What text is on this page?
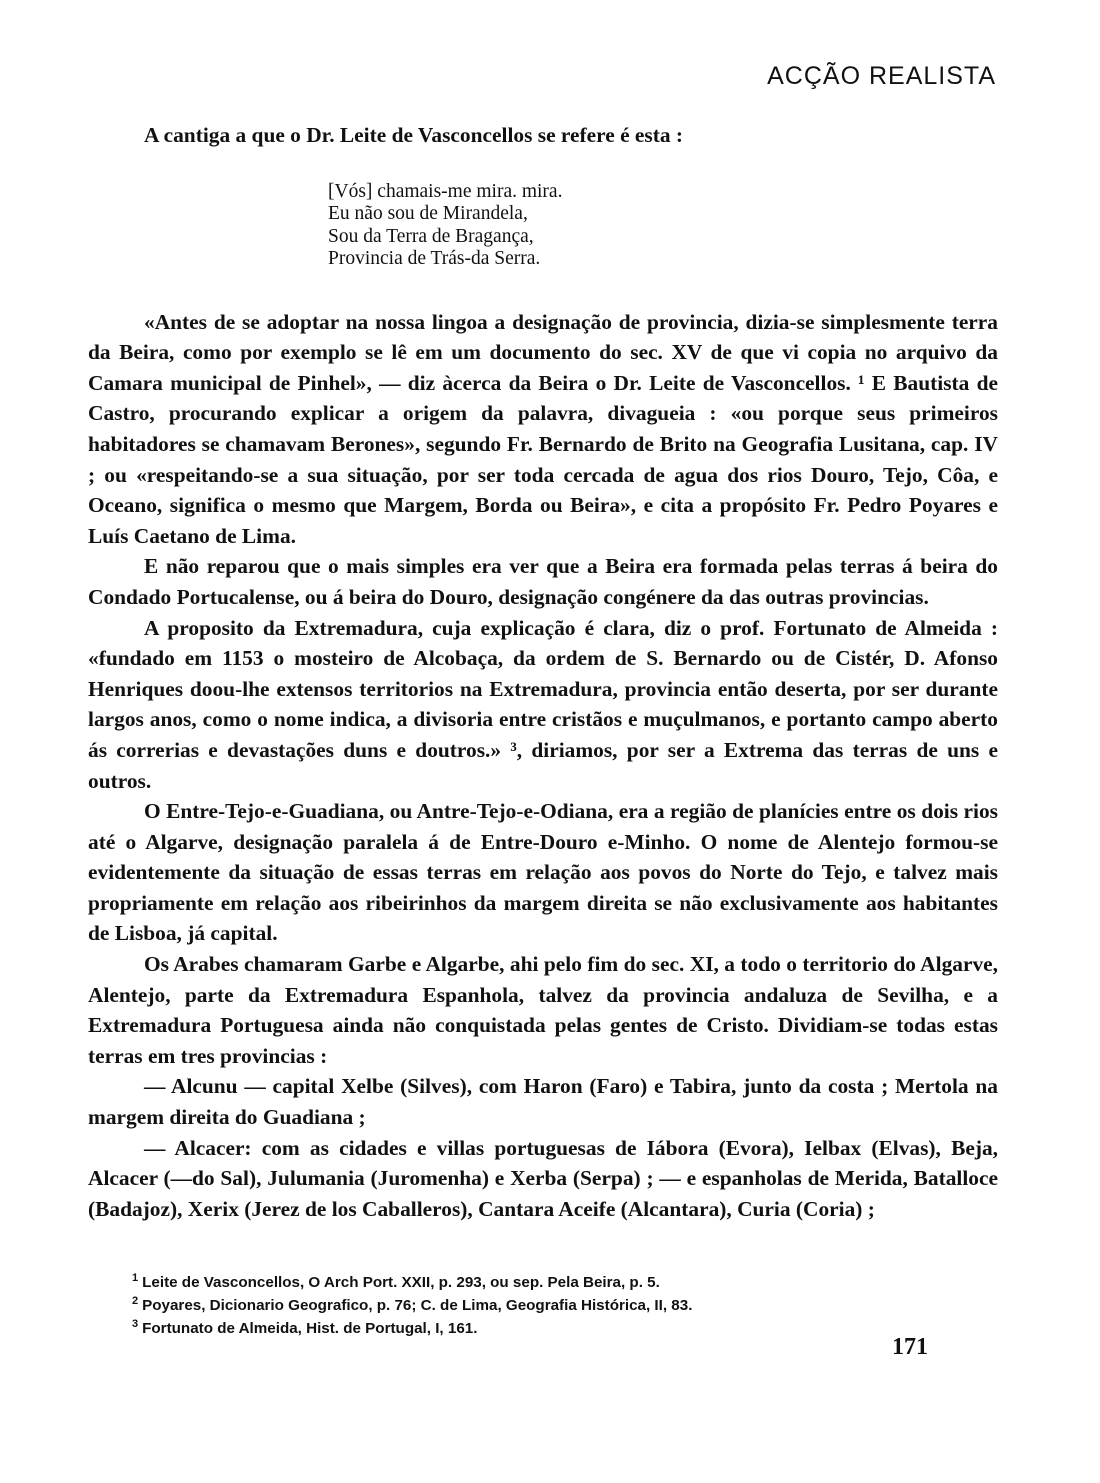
ACÇÃO REALISTA

A cantiga a que o Dr. Leite de Vasconcellos se refere é esta :

[Vós] chamais-me mira. mira.
Eu não sou de Mirandela,
Sou da Terra de Bragança,
Provincia de Trás-da Serra.

«Antes de se adoptar na nossa lingoa a designação de provincia, dizia-se simplesmente terra da Beira, como por exemplo se lê em um documento do sec. XV de que vi copia no arquivo da Camara municipal de Pinhel», — diz àcerca da Beira o Dr. Leite de Vasconcellos. ¹ E Bautista de Castro, procurando explicar a origem da palavra, divagueia : «ou porque seus primeiros habitadores se chamavam Berones», segundo Fr. Bernardo de Brito na Geografia Lusitana, cap. IV ; ou «respeitando-se a sua situação, por ser toda cercada de agua dos rios Douro, Tejo, Côa, e Oceano, significa o mesmo que Margem, Borda ou Beira», e cita a propósito Fr. Pedro Poyares e Luís Caetano de Lima.

E não reparou que o mais simples era ver que a Beira era formada pelas terras á beira do Condado Portucalense, ou á beira do Douro, designação congénere da das outras provincias.

A proposito da Extremadura, cuja explicação é clara, diz o prof. Fortunato de Almeida : «fundado em 1153 o mosteiro de Alcobaça, da ordem de S. Bernardo ou de Cistér, D. Afonso Henriques doou-lhe extensos territorios na Extremadura, provincia então deserta, por ser durante largos anos, como o nome indica, a divisoria entre cristãos e muçulmanos, e portanto campo aberto ás correrias e devastações duns e doutros.» ³, diriamos, por ser a Extrema das terras de uns e outros.

O Entre-Tejo-e-Guadiana, ou Antre-Tejo-e-Odiana, era a região de planícies entre os dois rios até o Algarve, designação paralela á de Entre-Douro e-Minho. O nome de Alentejo formou-se evidentemente da situação de essas terras em relação aos povos do Norte do Tejo, e talvez mais propriamente em relação aos ribeirinhos da margem direita se não exclusivamente aos habitantes de Lisboa, já capital.

Os Arabes chamaram Garbe e Algarbe, ahi pelo fim do sec. XI, a todo o territorio do Algarve, Alentejo, parte da Extremadura Espanhola, talvez da provincia andaluza de Sevilha, e a Extremadura Portuguesa ainda não conquistada pelas gentes de Cristo. Dividiam-se todas estas terras em tres provincias :

— Alcunu — capital Xelbe (Silves), com Haron (Faro) e Tabira, junto da costa ; Mertola na margem direita do Guadiana ;

— Alcacer: com as cidades e villas portuguesas de Iábora (Evora), Ielbax (Elvas), Beja, Alcacer (—do Sal), Julumania (Juromenha) e Xerba (Serpa) ; — e espanholas de Merida, Batalloce (Badajoz), Xerix (Jerez de los Caballeros), Cantara Aceife (Alcantara), Curia (Coria) ;

$^1$ Leite de Vasconcellos, O Arch Port. XXII, p. 293, ou sep. Pela Beira, p. 5.
$^2$ Poyares, Dicionario Geografico, p. 76; C. de Lima, Geografia Histórica, II, 83.
$^3$ Fortunato de Almeida, Hist. de Portugal, I, 161.
171
